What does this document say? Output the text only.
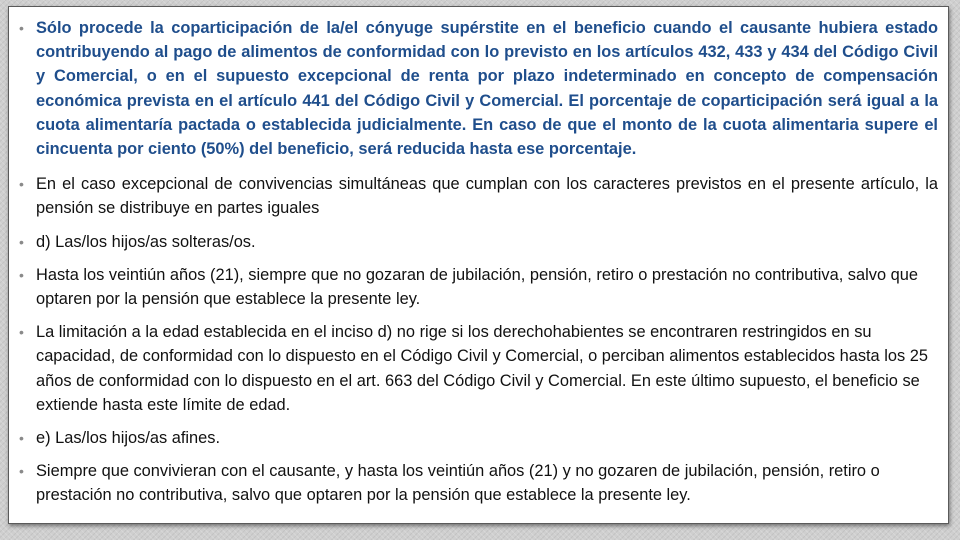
• Sólo procede la coparticipación de la/el cónyuge supérstite en el beneficio cuando el causante hubiera estado contribuyendo al pago de alimentos de conformidad con lo previsto en los artículos 432, 433 y 434 del Código Civil y Comercial, o en el supuesto excepcional de renta por plazo indeterminado en concepto de compensación económica prevista en el artículo 441 del Código Civil y Comercial. El porcentaje de coparticipación será igual a la cuota alimentaría pactada o establecida judicialmente. En caso de que el monto de la cuota alimentaria supere el cincuenta por ciento (50%) del beneficio, será reducida hasta ese porcentaje.
• En el caso excepcional de convivencias simultáneas que cumplan con los caracteres previstos en el presente artículo, la pensión se distribuye en partes iguales
• d) Las/los hijos/as solteras/os.
• Hasta los veintiún años (21), siempre que no gozaran de jubilación, pensión, retiro o prestación no contributiva, salvo que optaren por la pensión que establece la presente ley.
• La limitación a la edad establecida en el inciso d) no rige si los derechohabientes se encontraren restringidos en su capacidad, de conformidad con lo dispuesto en el Código Civil y Comercial, o perciban alimentos establecidos hasta los 25 años de conformidad con lo dispuesto en el art. 663 del Código Civil y Comercial. En este último supuesto, el beneficio se extiende hasta este límite de edad.
• e) Las/los hijos/as afines.
• Siempre que convivieran con el causante, y hasta los veintiún años (21) y no gozaren de jubilación, pensión, retiro o prestación no contributiva, salvo que optaren por la pensión que establece la presente ley.
